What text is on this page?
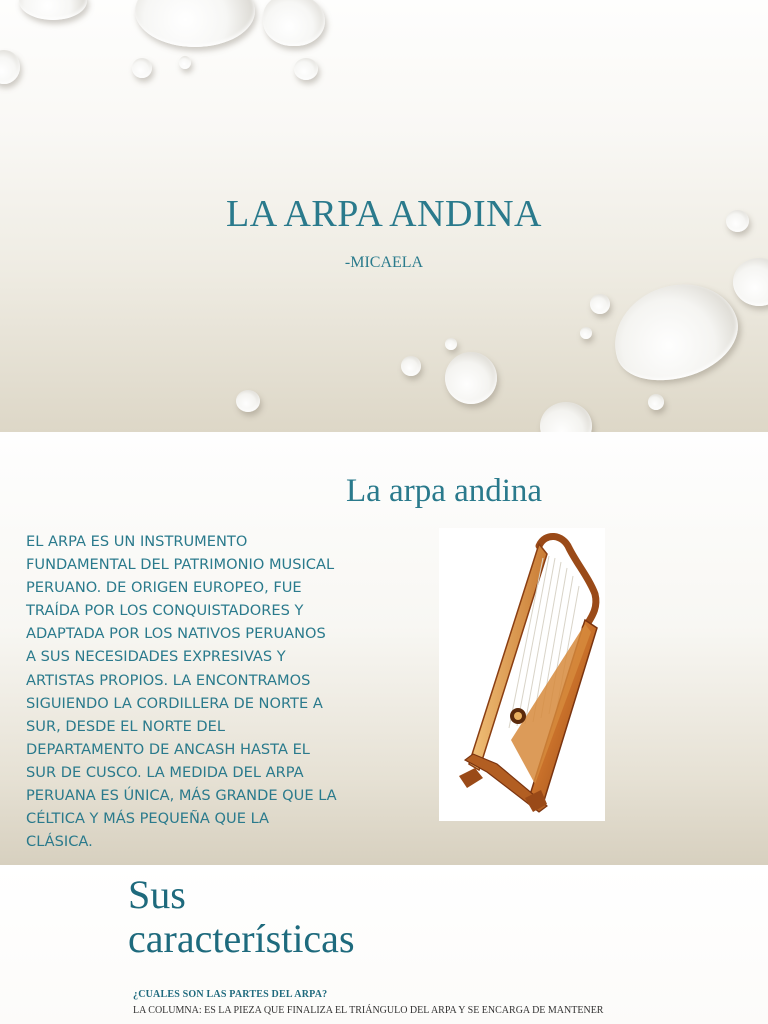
LA ARPA ANDINA
-MICAELA
La arpa andina

EL ARPA ES UN INSTRUMENTO FUNDAMENTAL DEL PATRIMONIO MUSICAL PERUANO. DE ORIGEN EUROPEO, FUE TRAÍDA POR LOS CONQUISTADORES Y ADAPTADA POR LOS NATIVOS PERUANOS A SUS NECESIDADES EXPRESIVAS Y ARTISTAS PROPIOS. LA ENCONTRAMOS SIGUIENDO LA CORDILLERA DE NORTE A SUR, DESDE EL NORTE DEL DEPARTAMENTO DE ANCASH HASTA EL SUR DE CUSCO. LA MEDIDA DEL ARPA PERUANA ES ÚNICA, MÁS GRANDE QUE LA CÉLTICA Y MÁS PEQUEÑA QUE LA CLÁSICA.

Sus
características
¿CUALES SON LAS PARTES DEL ARPA?

LA COLUMNA: ES LA PIEZA QUE FINALIZA EL TRIÁNGULO DEL ARPA Y SE ENCARGA DE MANTENER
